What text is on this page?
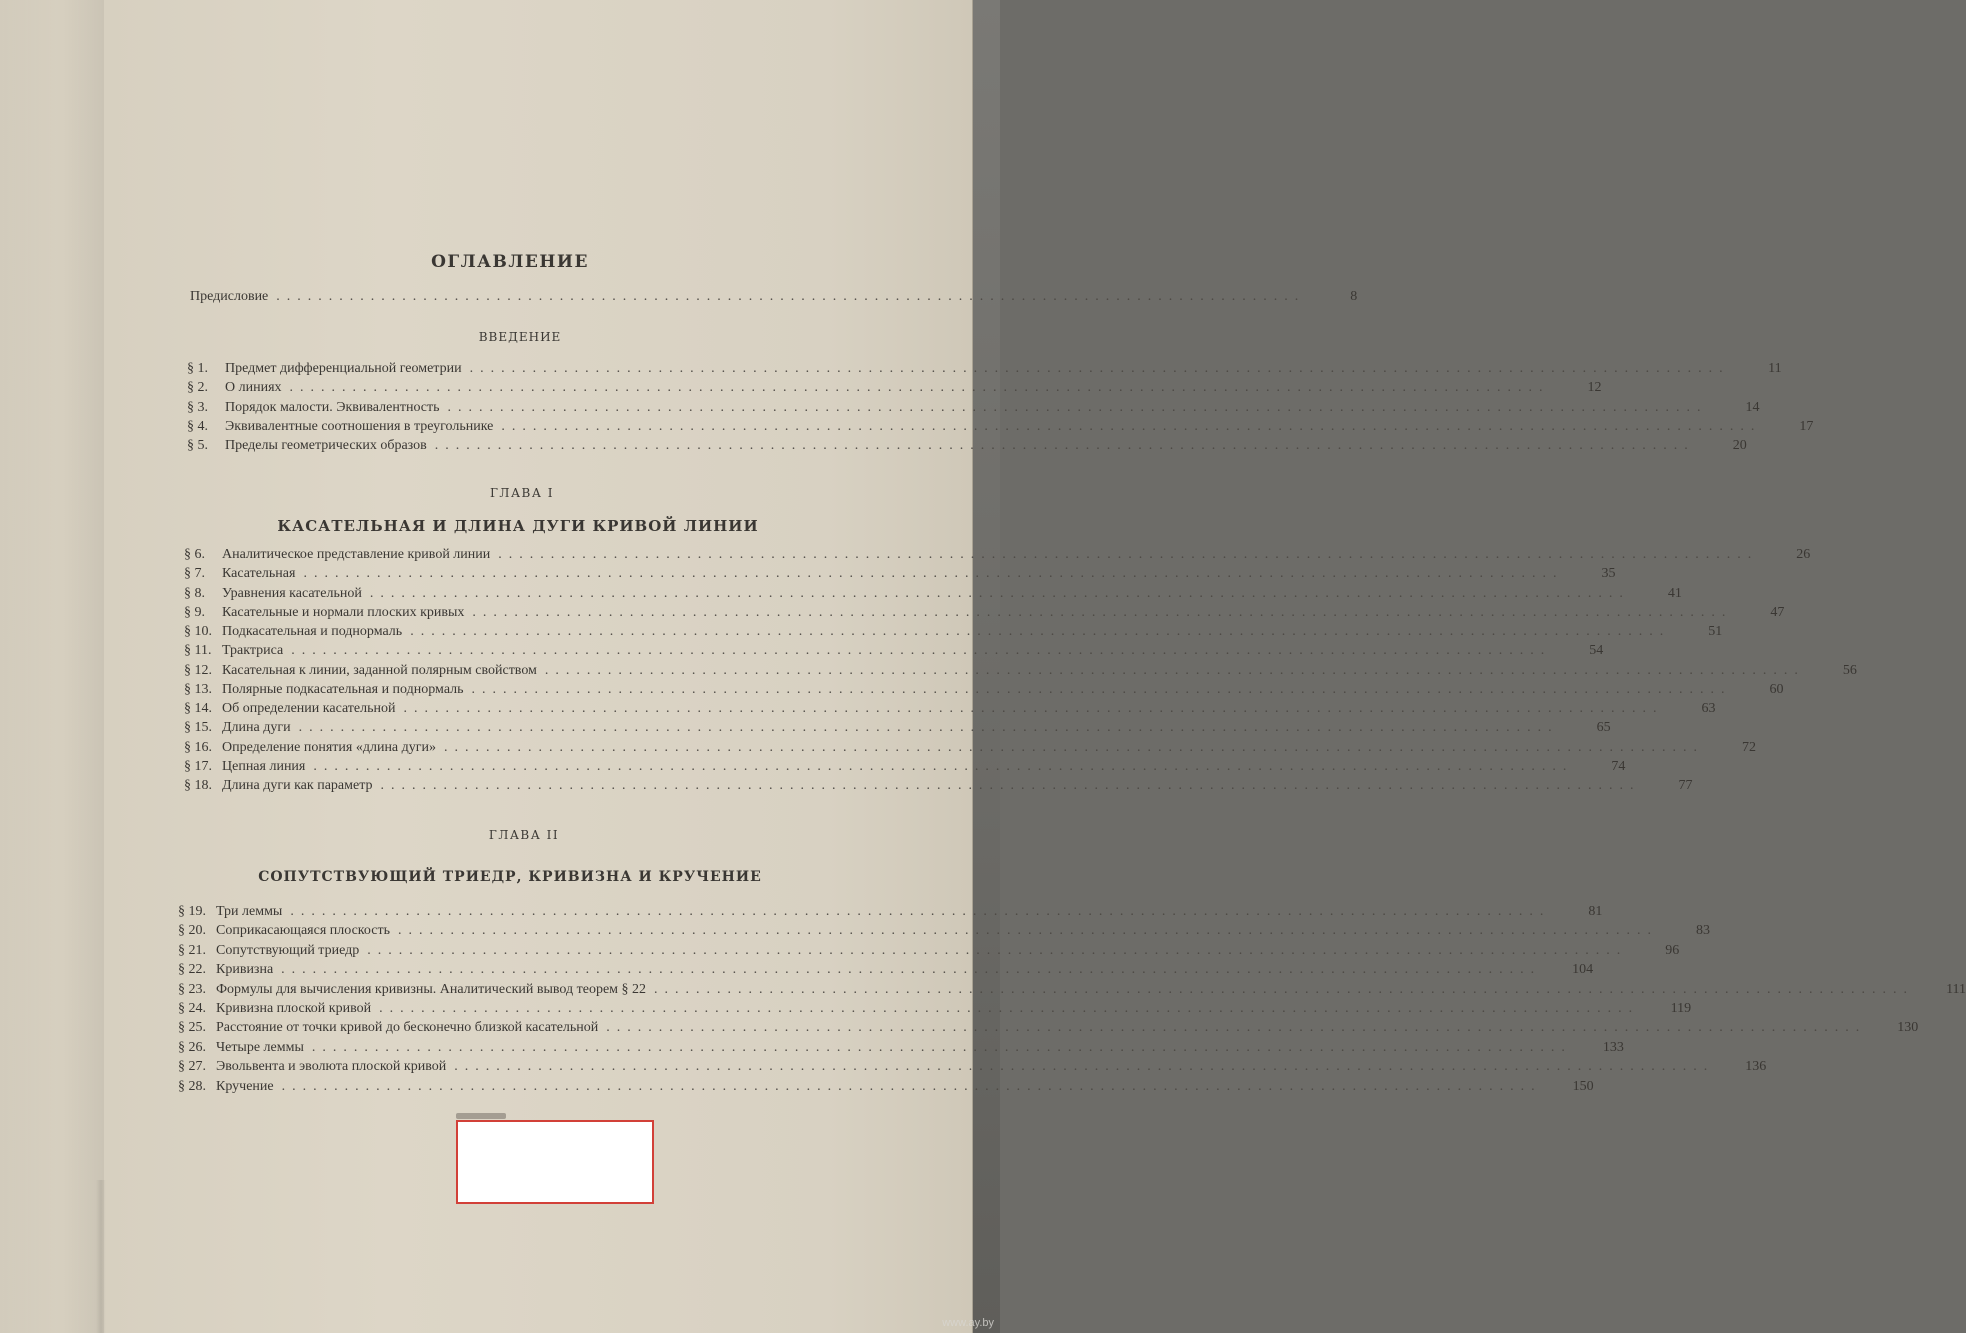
ОГЛАВЛЕНИЕ
Предисловие ..................................................................................................	8
ВВЕДЕНИЕ
§ 1.	Предмет дифференциальной геометрии ........................................................................................................................	11
§ 2.	О линиях ........................................................................................................................	12
§ 3.	Порядок малости. Эквивалентность ........................................................................................................................	14
§ 4.	Эквивалентные соотношения в треугольнике ........................................................................................................................	17
§ 5.	Пределы геометрических образов ........................................................................................................................	20
ГЛАВА I
КАСАТЕЛЬНАЯ И ДЛИНА ДУГИ КРИВОЙ ЛИНИИ
§ 6.	Аналитическое представление кривой линии ........................................................................................................................	26
§ 7.	Касательная ........................................................................................................................	35
§ 8.	Уравнения касательной ........................................................................................................................	41
§ 9.	Касательные и нормали плоских кривых ........................................................................................................................	47
§ 10. Подкасательная и поднормаль ........................................................................................................................	51
§ 11. Трактриса ........................................................................................................................	54
§ 12. Касательная к линии, заданной полярным свойством ........................................................................................................................	56
§ 13. Полярные подкасательная и поднормаль ........................................................................................................................	60
§ 14. Об определении касательной ........................................................................................................................	63
§ 15. Длина дуги ........................................................................................................................	65
§ 16. Определение понятия «длина дуги» ........................................................................................................................	72
§ 17. Цепная линия ........................................................................................................................	74
§ 18. Длина дуги как параметр ........................................................................................................................	77
ГЛАВА II
СОПУТСТВУЮЩИЙ ТРИЕДР, КРИВИЗНА И КРУЧЕНИЕ
§ 19. Три леммы ........................................................................................................................	81
§ 20. Соприкасающаяся плоскость ........................................................................................................................	83
§ 21. Сопутствующий триедр ........................................................................................................................	96
§ 22. Кривизна ........................................................................................................................	104
§ 23. Формулы для вычисления кривизны. Аналитический вывод теорем § 22 ........................................................................................................................	111
§ 24. Кривизна плоской кривой ........................................................................................................................	119
§ 25. Расстояние от точки кривой до бесконечно близкой касательной ........................................................................................................................	130
§ 26. Четыре леммы ........................................................................................................................	133
§ 27. Эвольвента и эволюта плоской кривой ........................................................................................................................	136
§ 28. Кручение ........................................................................................................................	150
www.ay.by
